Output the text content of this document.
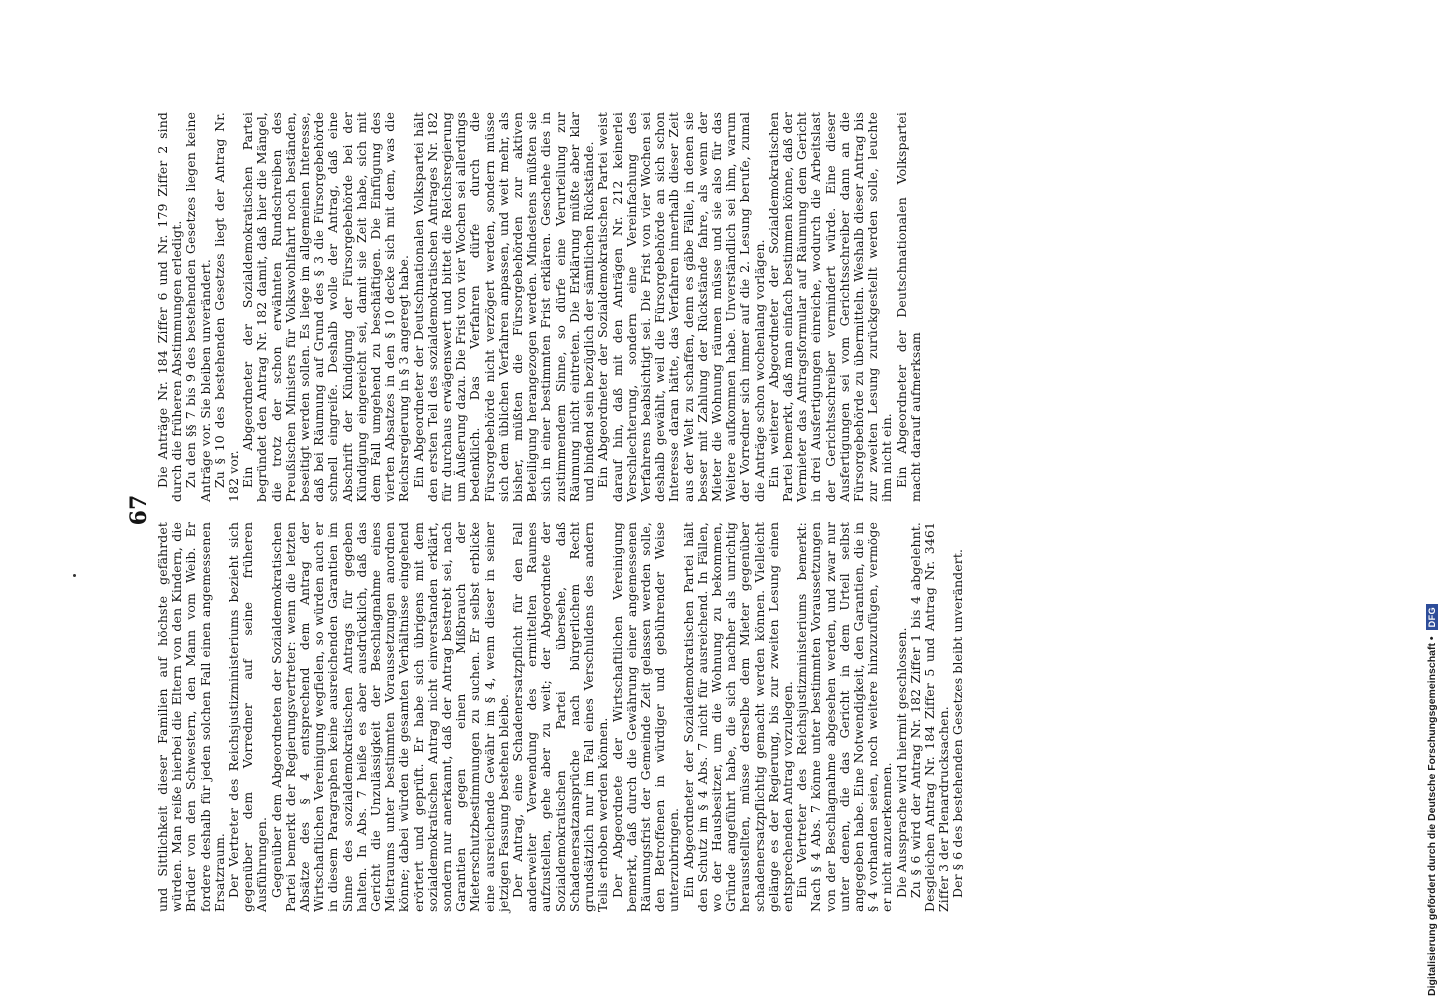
67

und Sittlichkeit dieser Familien auf höchste gefährdet würden. Man reiße hierbei die Eltern von den Kindern, die Brüder von den Schwestern, den Mann vom Weib. Er fordere deshalb für jeden solchen Fall einen angemessenen Ersatzraum. Der Vertreter des Reichsjustizministeriums bezieht sich gegenüber dem Vorredner auf seine früheren Ausführungen. Gegenüber dem Abgeordneten der Sozialdemokratischen Partei bemerkt der Regierungsvertreter: wenn die letzten Absätze des § 4 entsprechend dem Antrag der Wirtschaftlichen Vereinigung wegfielen, so würden auch er in diesem Paragraphen keine ausreichenden Garantien im Sinne des sozialdemokratischen Antrags für gegeben halten. In Abs. 7 heiße es aber ausdrücklich, daß das Gericht die Unzulässigkeit der Beschlagnahme eines Mietraums unter bestimmten Voraussetzungen anordnen könne; dabei würden die gesamten Verhältnisse eingehend erörtert und geprüft. Er habe sich übrigens mit dem sozialdemokratischen Antrag nicht einverstanden erklärt, sondern nur anerkannt, daß der Antrag bestrebt sei, nach Garantien gegen einen Mißbrauch der Mieterschutzbestimmungen zu suchen. Er selbst erblicke eine ausreichende Gewähr im § 4, wenn dieser in seiner jetzigen Fassung bestehen bleibe. Der Antrag, eine Schadenersatzpflicht für den Fall anderweiter Verwendung des ermittelten Raumes aufzustellen, gehe aber zu weit; der Abgeordnete der Sozialdemokratischen Partei übersehe, daß Schadenersatzansprüche nach bürgerlichem Recht grundsätzlich nur im Fall eines Verschuldens des andern Teils erhoben werden können. Der Abgeordnete der Wirtschaftlichen Vereinigung bemerkt, daß durch die Gewährung einer angemessenen Räumungsfrist der Gemeinde Zeit gelassen werden solle, den Betroffenen in würdiger und gebührender Weise unterzubringen. Ein Abgeordneter der Sozialdemokratischen Partei hält den Schutz im § 4 Abs. 7 nicht für ausreichend. In Fällen, wo der Hausbesitzer, um die Wohnung zu bekommen, Gründe angeführt habe, die sich nachher als unrichtig herausstellten, müsse derselbe dem Mieter gegenüber schadenersatzpflichtig gemacht werden können. Vielleicht gelänge es der Regierung, bis zur zweiten Lesung einen entsprechenden Antrag vorzulegen. Ein Vertreter des Reichsjustizministeriums bemerkt: Nach § 4 Abs. 7 könne unter bestimmten Voraussetzungen von der Beschlagnahme abgesehen werden, und zwar nur unter denen, die das Gericht in dem Urteil selbst angegeben habe. Eine Notwendigkeit, den Garantien, die in § 4 vorhanden seien, noch weitere hinzuzufügen, vermöge er nicht anzuerkennen. Die Aussprache wird hiermit geschlossen. Zu § 6 wird der Antrag Nr. 182 Ziffer 1 bis 4 abgelehnt. Desgleichen Antrag Nr. 184 Ziffer 5 und Antrag Nr. 3461 Ziffer 3 der Plenardrucksachen. Der § 6 des bestehenden Gesetzes bleibt unverändert.

Die Anträge Nr. 184 Ziffer 6 und Nr. 179 Ziffer 2 sind durch die früheren Abstimmungen erledigt. Zu den §§ 7 bis 9 des bestehenden Gesetzes liegen keine Anträge vor. Sie bleiben unverändert. Zu § 10 des bestehenden Gesetzes liegt der Antrag Nr. 182 vor. Ein Abgeordneter der Sozialdemokratischen Partei begründet den Antrag Nr. 182 damit, daß hier die Mängel, die trotz der schon erwähnten Rundschreiben des Preußischen Ministers für Volkswohlfahrt noch beständen, beseitigt werden sollen. Es liege im allgemeinen Interesse, daß bei Räumung auf Grund des § 3 die Fürsorgebehörde schnell eingreife. Deshalb wolle der Antrag, daß eine Abschrift der Kündigung der Fürsorgebehörde bei der Kündigung eingereicht sei, damit sie Zeit habe, sich mit dem Fall umgehend zu beschäftigen. Die Einfügung des vierten Absatzes in den § 10 decke sich mit dem, was die Reichsregierung in § 3 angeregt habe. Ein Abgeordneter der Deutschnationalen Volkspartei hält den ersten Teil des sozialdemokratischen Antrages Nr. 182 für durchaus erwägenswert und bittet die Reichsregierung um Äußerung dazu. Die Frist von vier Wochen sei allerdings bedenklich. Das Verfahren dürfe durch die Fürsorgebehörde nicht verzögert werden, sondern müsse sich dem üblichen Verfahren anpassen, und weit mehr, als bisher, müßten die Fürsorgebehörden zur aktiven Beteiligung herangezogen werden. Mindestens müßten sie sich in einer bestimmten Frist erklären. Geschehe dies in zustimmendem Sinne, so dürfe eine Verurteilung zur Räumung nicht eintreten. Die Erklärung müßte aber klar und bindend sein bezüglich der sämtlichen Rückstände. Ein Abgeordneter der Sozialdemokratischen Partei weist darauf hin, daß mit den Anträgen Nr. 212 keinerlei Verschlechterung, sondern eine Vereinfachung des Verfahrens beabsichtigt sei. Die Frist von vier Wochen sei deshalb gewählt, weil die Fürsorgebehörde an sich schon Interesse daran hätte, das Verfahren innerhalb dieser Zeit aus der Welt zu schaffen, denn es gäbe Fälle, in denen sie besser mit Zahlung der Rückstände fahre, als wenn der Mieter die Wohnung räumen müsse und sie also für das Weitere aufkommen habe. Unverständlich sei ihm, warum der Vorredner sich immer auf die 2. Lesung berufe, zumal die Anträge schon wochenlang vorlägen. Ein weiterer Abgeordneter der Sozialdemokratischen Partei bemerkt, daß man einfach bestimmen könne, daß der Vermieter das Antragsformular auf Räumung dem Gericht in drei Ausfertigungen einreiche, wodurch die Arbeitslast der Gerichtsschreiber vermindert würde. Eine dieser Ausfertigungen sei vom Gerichtsschreiber dann an die Fürsorgebehörde zu übermitteln. Weshalb dieser Antrag bis zur zweiten Lesung zurückgestellt werden solle, leuchte ihm nicht ein. Ein Abgeordneter der Deutschnationalen Volkspartei macht darauf aufmerksam

Digitalisierung gefördert durch die Deutsche Forschungsgemeinschaft •
DFG
